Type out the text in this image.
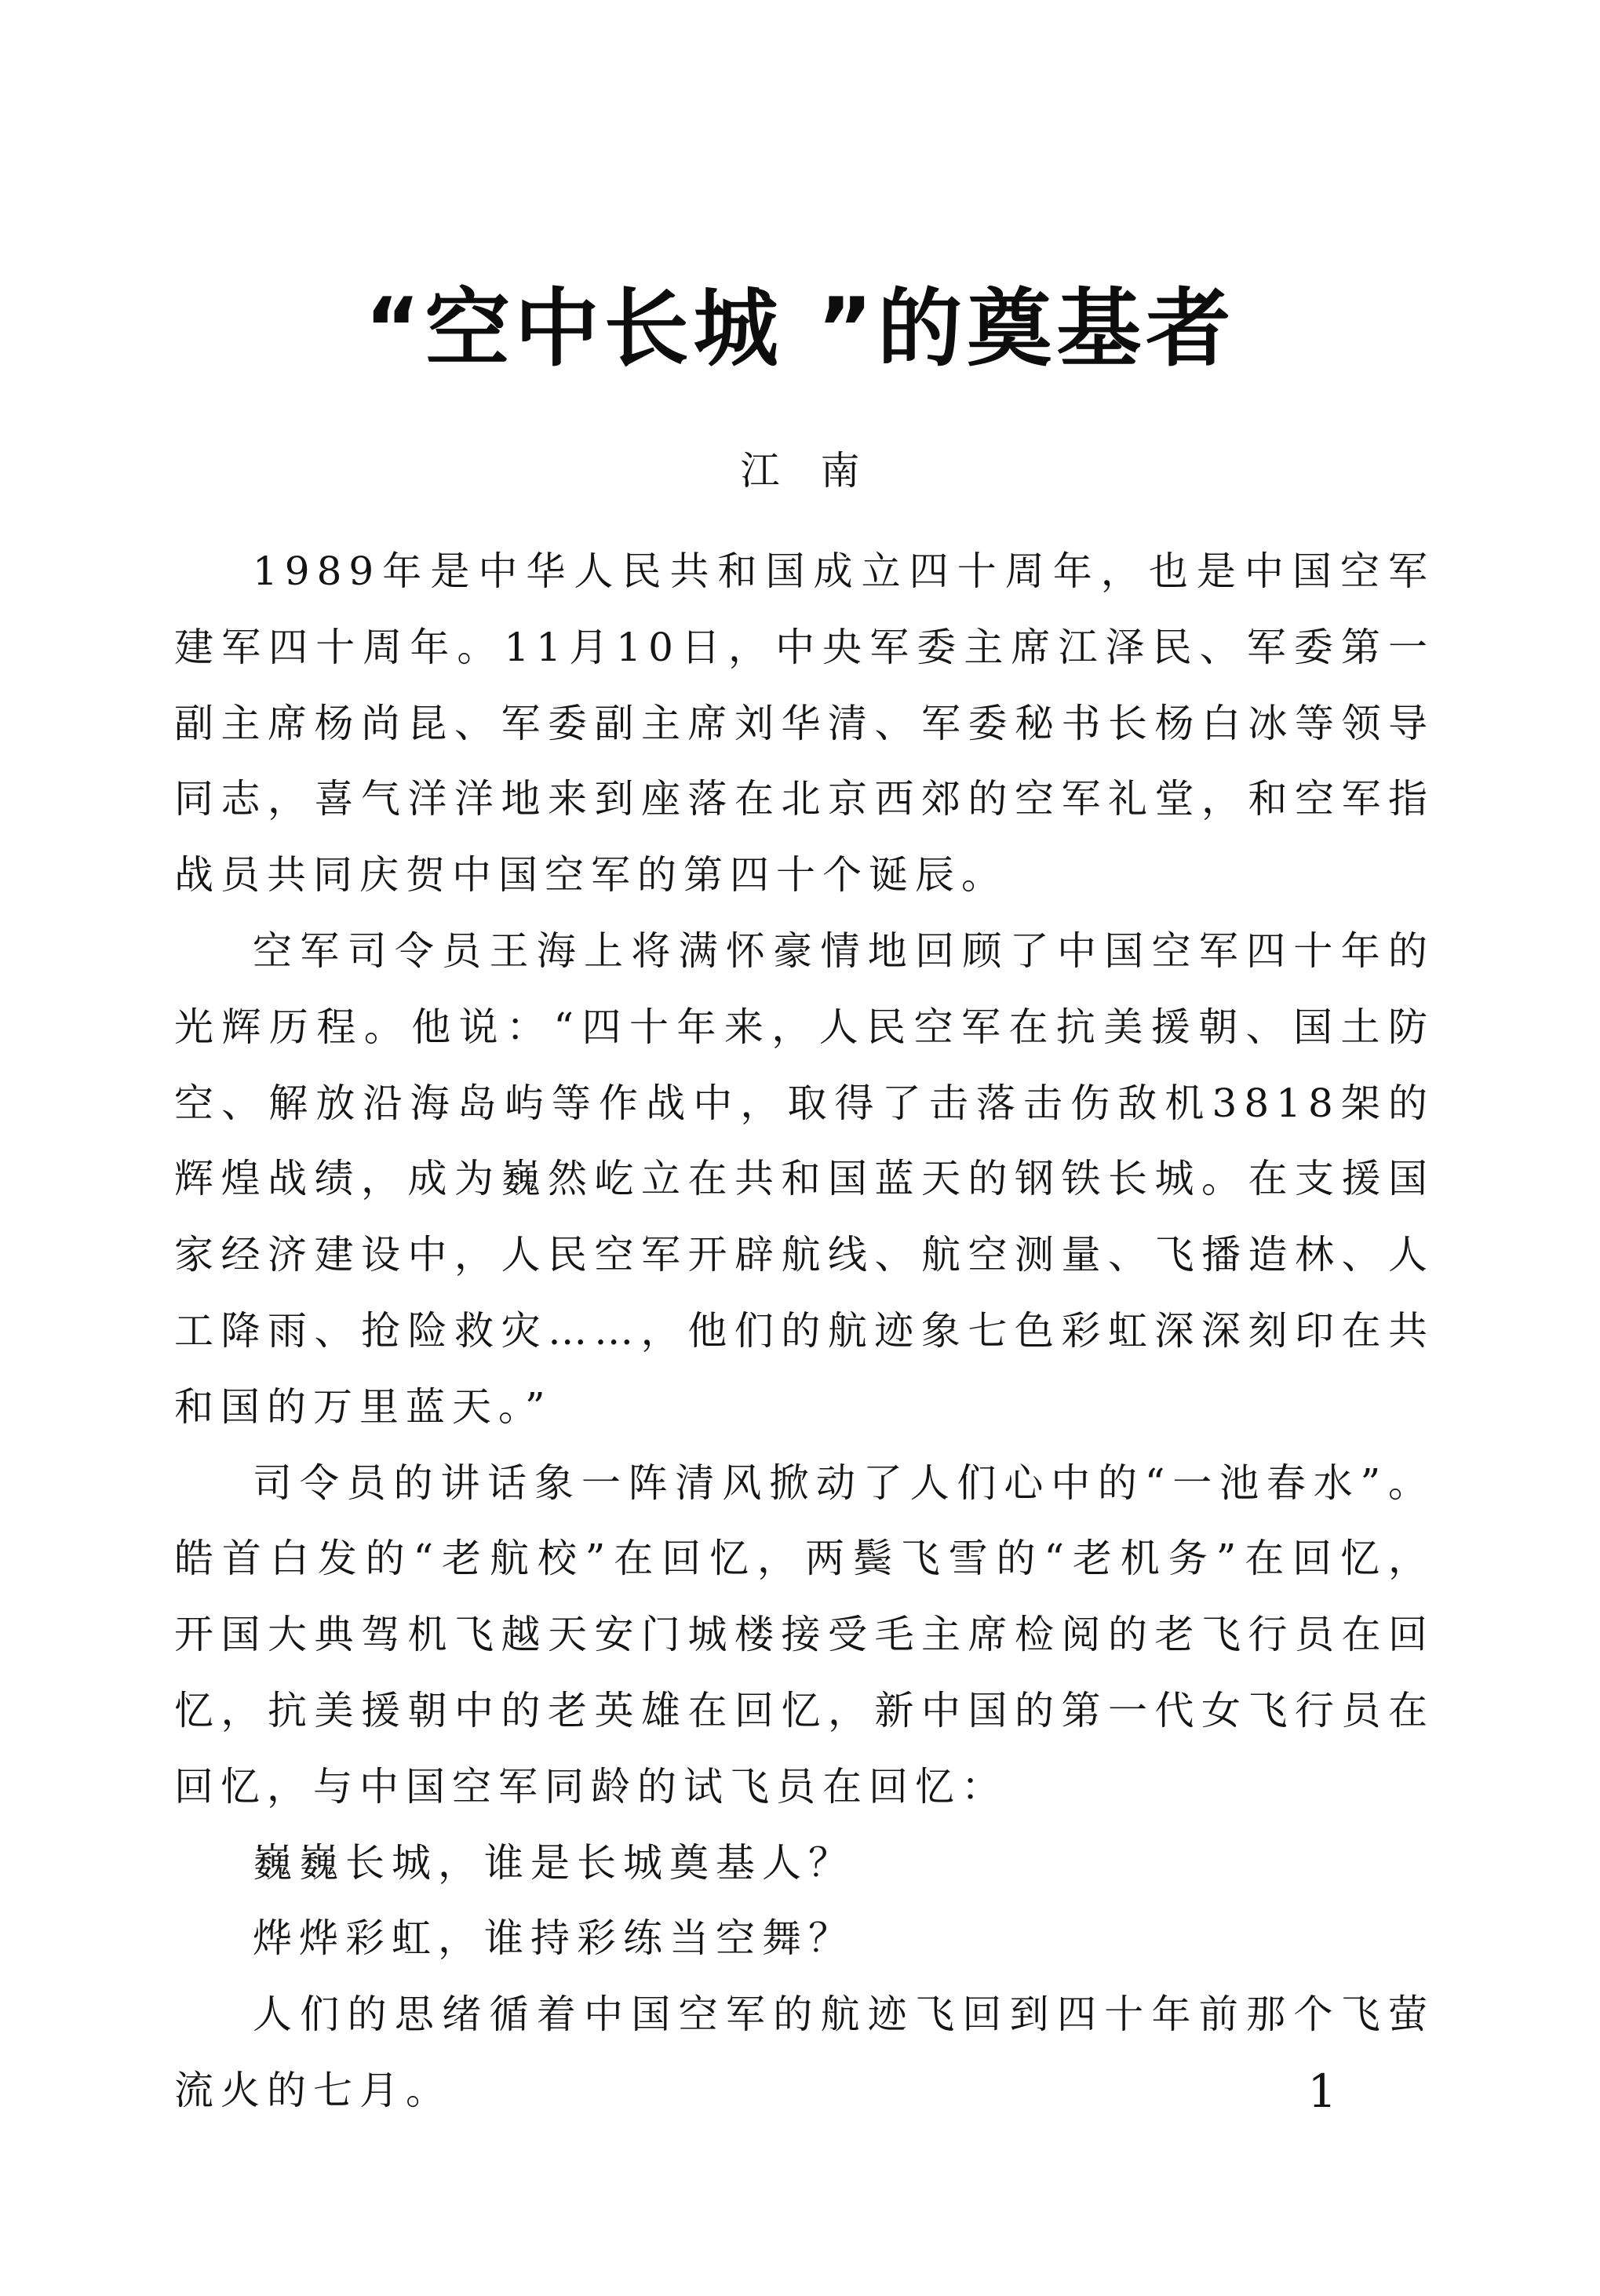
“空中长城 ”的奠基者

江南

1989年是中华人民共和国成立四十周年，也是中国空军建军四十周年。11月10日，中央军委主席江泽民、军委第一副主席杨尚昆、军委副主席刘华清、军委秘书长杨白冰等领导同志，喜气洋洋地来到座落在北京西郊的空军礼堂，和空军指战员共同庆贺中国空军的第四十个诞辰。

空军司令员王海上将满怀豪情地回顾了中国空军四十年的光辉历程。他说：“四十年来，人民空军在抗美援朝、国土防空、解放沿海岛屿等作战中，取得了击落击伤敌机3818架的辉煌战绩，成为巍然屹立在共和国蓝天的钢铁长城。在支援国家经济建设中，人民空军开辟航线、航空测量、飞播造林、人工降雨、抢险救灾……，他们的航迹象七色彩虹深深刻印在共和国的万里蓝天。”

司令员的讲话象一阵清风掀动了人们心中的“一池春水”。皓首白发的“老航校”在回忆，两鬓飞雪的“老机务”在回忆，开国大典驾机飞越天安门城楼接受毛主席检阅的老飞行员在回忆，抗美援朝中的老英雄在回忆，新中国的第一代女飞行员在回忆，与中国空军同龄的试飞员在回忆：

巍巍长城，谁是长城奠基人？

烨烨彩虹，谁持彩练当空舞？

人们的思绪循着中国空军的航迹飞回到四十年前那个飞萤流火的七月。	1
